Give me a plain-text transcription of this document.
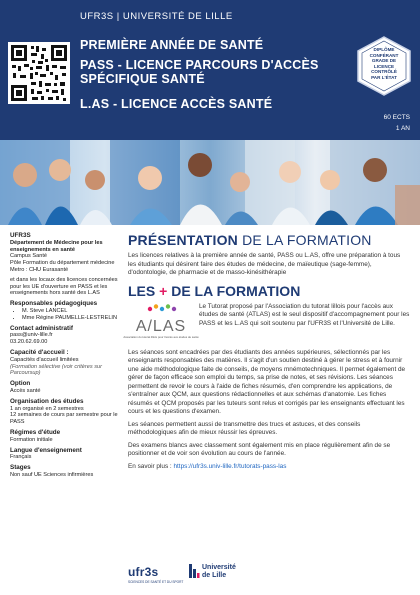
UFR3S | UNIVERSITÉ DE LILLE
PREMIÈRE ANNÉE DE SANTÉ
PASS - LICENCE PARCOURS D'ACCÈS SPÉCIFIQUE SANTÉ
L.AS - LICENCE ACCÈS SANTÉ
DIPLÔME
CONFÉRANT
GRADE DE
LICENCE
CONTRÔLÉ
PAR L'ÉTAT
60 ECTS
1 AN
UFR3S
Département de Médecine pour les enseignements en santé
Campus Santé
Pôle Formation du département médecine
Metro : CHU Eurasanté
et dans les locaux des licences concernées pour les UE d'ouverture en PASS et les enseignements hors santé des L.AS
Responsables pédagogiques
• M. Steve LANCEL
• Mme Régine PAUMELLE-LESTRELIN
Contact administratif
pass@univ-lille.fr
03.20.62.69.00
Capacité d'accueil :
Capacités d'accueil limitées
(Formation sélective (voir critères sur Parcoursup)
Option
Accès santé
Organisation des études
1 an organisé en 2 semestres
12 semaines de cours par semestre pour le PASS
Régimes d'étude
Formation initiale
Langue d'enseignement
Français
Stages
Non sauf UE Sciences infirmières
PRÉSENTATION DE LA FORMATION

Les licences relatives à la première année de santé, PASS ou L.AS, offre une préparation à tous les étudiants qui désirent faire des études de médecine, de maïeutique (sage-femme), d'odontologie, de pharmacie et de masso-kinésithérapie

LES + DE LA FORMATION
A/LAS
Association du tutorat lillois pour l'accès aux études de santé

Le Tutorat proposé par l'Association du tutorat lillois pour l'accès aux études de santé (ATLAS) est le seul dispositif d'accompagnement pour les PASS et les L.AS qui soit soutenu par l'UFR3S et l'Université de Lille.

Les séances sont encadrées par des étudiants des années supérieures, sélectionnés par les enseignants responsables des matières. Il s'agit d'un soutien destiné à gérer le stress et à fournir une aide méthodologique faite de conseils, de moyens mnémotechniques. Il permet également de gérer de façon efficace son emploi du temps, sa prise de notes, et ses révisions. Les séances permettent de revoir le cours à l'aide de fiches résumés, d'en comprendre les applications, de s'entraîner aux QCM, aux questions rédactionnelles et aux schémas d'anatomie. Les fiches résumés et QCM proposés par les tuteurs sont relus et corrigés par les enseignants effectuant les cours et les questions d'examen.

Les séances permettent aussi de transmettre des trucs et astuces, et des conseils méthodologiques afin de mieux réussir les épreuves.

Des examens blancs avec classement sont également mis en place régulièrement afin de se positionner et de voir son évolution au cours de l'année.

En savoir plus : https://ufr3s.univ-lille.fr/tutorats-pass-las

ufr3s
SCIENCES DE SANTÉ ET DU SPORT
Université
de Lille
